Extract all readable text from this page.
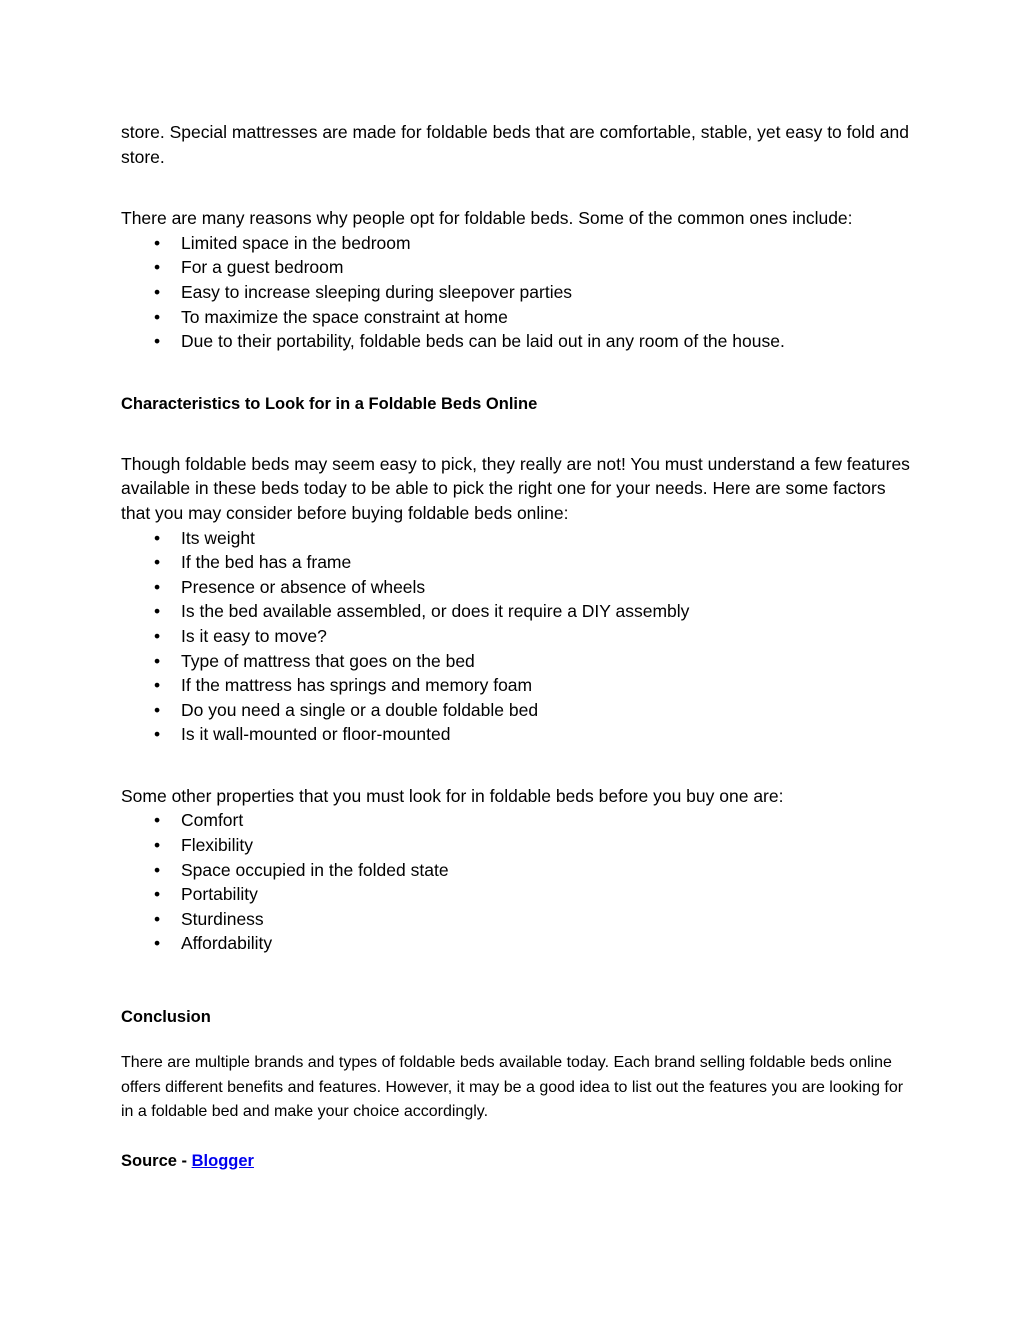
store. Special mattresses are made for foldable beds that are comfortable, stable, yet easy to fold and store.

There are many reasons why people opt for foldable beds. Some of the common ones include:

• Limited space in the bedroom
• For a guest bedroom
• Easy to increase sleeping during sleepover parties
• To maximize the space constraint at home
• Due to their portability, foldable beds can be laid out in any room of the house.
Characteristics to Look for in a Foldable Beds Online

Though foldable beds may seem easy to pick, they really are not! You must understand a few features available in these beds today to be able to pick the right one for your needs. Here are some factors that you may consider before buying foldable beds online:

• Its weight
• If the bed has a frame
• Presence or absence of wheels
• Is the bed available assembled, or does it require a DIY assembly
• Is it easy to move?
• Type of mattress that goes on the bed
• If the mattress has springs and memory foam
• Do you need a single or a double foldable bed
• Is it wall-mounted or floor-mounted

Some other properties that you must look for in foldable beds before you buy one are:

• Comfort
• Flexibility
• Space occupied in the folded state
• Portability
• Sturdiness
• Affordability
Conclusion

There are multiple brands and types of foldable beds available today. Each brand selling foldable beds online offers different benefits and features. However, it may be a good idea to list out the features you are looking for in a foldable bed and make your choice accordingly.

Source - Blogger
